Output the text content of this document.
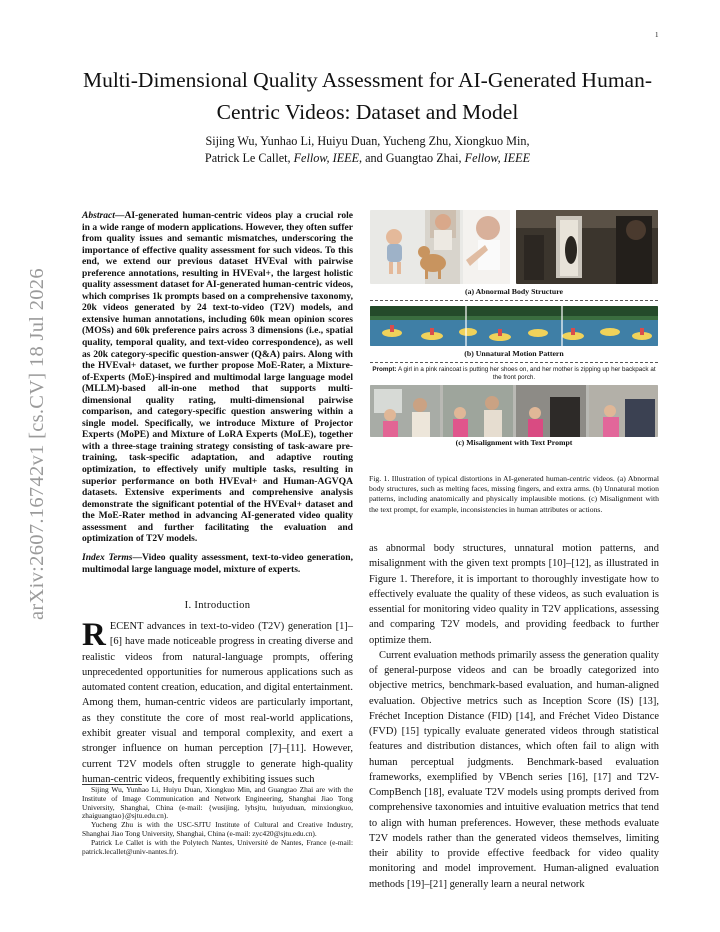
1
arXiv:2607.16742v1 [cs.CV] 18 Jul 2026
Multi-Dimensional Quality Assessment for AI-Generated Human-Centric Videos: Dataset and Model
Sijing Wu, Yunhao Li, Huiyu Duan, Yucheng Zhu, Xiongkuo Min,
Patrick Le Callet, Fellow, IEEE, and Guangtao Zhai, Fellow, IEEE
Abstract—AI-generated human-centric videos play a crucial role in a wide range of modern applications. However, they often suffer from quality issues and semantic mismatches, underscoring the importance of effective quality assessment for such videos. To this end, we extend our previous dataset HVEval with pairwise preference annotations, resulting in HVEval+, the largest holistic quality assessment dataset for AI-generated human-centric videos, which comprises 1k prompts based on a comprehensive taxonomy, 20k videos generated by 24 text-to-video (T2V) models, and extensive human annotations, including 60k mean opinion scores (MOSs) and 60k preference pairs across 3 dimensions (i.e., spatial quality, temporal quality, and text-video correspondence), as well as 20k category-specific question-answer (Q&A) pairs. Along with the HVEval+ dataset, we further propose MoE-Rater, a Mixture-of-Experts (MoE)-inspired and multimodal large language model (MLLM)-based all-in-one method that supports multi-dimensional quality rating, multi-dimensional pairwise comparison, and category-specific question answering within a single model. Specifically, we introduce Mixture of Projector Experts (MoPE) and Mixture of LoRA Experts (MoLE), together with a three-stage training strategy consisting of task-aware pre-training, task-specific adaptation, and adaptive routing optimization, to effectively unify multiple tasks, resulting in superior performance on both HVEval+ and Human-AGVQA datasets. Extensive experiments and comprehensive analysis demonstrate the significant potential of the HVEval+ dataset and the MoE-Rater method in advancing AI-generated video quality assessment and further facilitating the evaluation and optimization of T2V models.
Index Terms—Video quality assessment, text-to-video generation, multimodal large language model, mixture of experts.
I. Introduction
RECENT advances in text-to-video (T2V) generation [1]–[6] have made noticeable progress in creating diverse and realistic videos from natural-language prompts, offering unprecedented opportunities for numerous applications such as automated content creation, education, and digital entertainment. Among them, human-centric videos are particularly important, as they constitute the core of most real-world applications, exhibit greater visual and temporal complexity, and exert a stronger influence on human perception [7]–[11]. However, current T2V models often struggle to generate high-quality human-centric videos, frequently exhibiting issues such

Sijing Wu, Yunhao Li, Huiyu Duan, Xiongkuo Min, and Guangtao Zhai are with the Institute of Image Communication and Network Engineering, Shanghai Jiao Tong University, Shanghai, China (e-mail: {wusijing, lyhsjtu, huiyuduan, minxiongkuo, zhaiguangtao}@sjtu.edu.cn).

Yucheng Zhu is with the USC-SJTU Institute of Cultural and Creative Industry, Shanghai Jiao Tong University, Shanghai, China (e-mail: zyc420@sjtu.edu.cn).

Patrick Le Callet is with the Polytech Nantes, Université de Nantes, France (e-mail: patrick.lecallet@univ-nantes.fr).

(a) Abnormal Body Structure
(b) Unnatural Motion Pattern
Prompt: A girl in a pink raincoat is putting her shoes on, and her mother is zipping up her backpack at the front porch.
(c) Misalignment with Text Prompt
Fig. 1. Illustration of typical distortions in AI-generated human-centric videos. (a) Abnormal body structures, such as melting faces, missing fingers, and extra arms. (b) Unnatural motion patterns, including anatomically and physically implausible motions. (c) Misalignment with the text prompt, for example, inconsistencies in human attributes or actions.

as abnormal body structures, unnatural motion patterns, and misalignment with the given text prompts [10]–[12], as illustrated in Figure 1. Therefore, it is important to thoroughly investigate how to effectively evaluate the quality of these videos, as such evaluation is essential for monitoring video quality in T2V applications, assessing and comparing T2V models, and providing feedback to further optimize them.

Current evaluation methods primarily assess the generation quality of general-purpose videos and can be broadly categorized into objective metrics, benchmark-based evaluation, and human-aligned evaluation. Objective metrics such as Inception Score (IS) [13], Fréchet Inception Distance (FID) [14], and Fréchet Video Distance (FVD) [15] typically evaluate generated videos through statistical features and distribution distances, which often fail to align with human perceptual judgments. Benchmark-based evaluation frameworks, exemplified by VBench series [16], [17] and T2V-CompBench [18], evaluate T2V models using prompts derived from comprehensive taxonomies and intuitive evaluation metrics that tend to align with human preferences. However, these methods evaluate T2V models rather than the generated videos themselves, limiting their ability to provide effective feedback for video quality monitoring and model improvement. Human-aligned evaluation methods [19]–[21] generally learn a neural network
